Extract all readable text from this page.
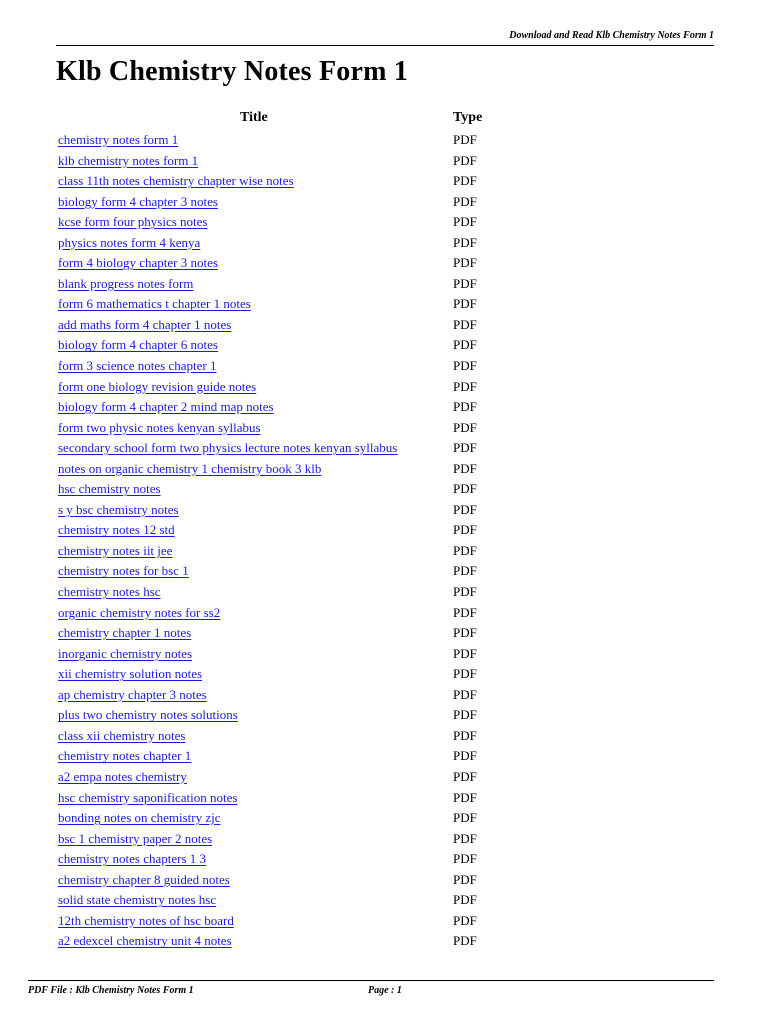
Download and Read Klb Chemistry Notes Form 1
Klb Chemistry Notes Form 1
Title	Type
chemistry notes form 1	PDF
klb chemistry notes form 1	PDF
class 11th notes chemistry chapter wise notes	PDF
biology form 4 chapter 3 notes	PDF
kcse form four physics notes	PDF
physics notes form 4 kenya	PDF
form 4 biology chapter 3 notes	PDF
blank progress notes form	PDF
form 6 mathematics t chapter 1 notes	PDF
add maths form 4 chapter 1 notes	PDF
biology form 4 chapter 6 notes	PDF
form 3 science notes chapter 1	PDF
form one biology revision guide notes	PDF
biology form 4 chapter 2 mind map notes	PDF
form two physic notes kenyan syllabus	PDF
secondary school form two physics lecture notes kenyan syllabus	PDF
notes on organic chemistry 1 chemistry book 3 klb	PDF
hsc chemistry notes	PDF
s y bsc chemistry notes	PDF
chemistry notes 12 std	PDF
chemistry notes iit jee	PDF
chemistry notes for bsc 1	PDF
chemistry notes hsc	PDF
organic chemistry notes for ss2	PDF
chemistry chapter 1 notes	PDF
inorganic chemistry notes	PDF
xii chemistry solution notes	PDF
ap chemistry chapter 3 notes	PDF
plus two chemistry notes solutions	PDF
class xii chemistry notes	PDF
chemistry notes chapter 1	PDF
a2 empa notes chemistry	PDF
hsc chemistry saponification notes	PDF
bonding notes on chemistry zjc	PDF
bsc 1 chemistry paper 2 notes	PDF
chemistry notes chapters 1 3	PDF
chemistry chapter 8 guided notes	PDF
solid state chemistry notes hsc	PDF
12th chemistry notes of hsc board	PDF
a2 edexcel chemistry unit 4 notes	PDF
PDF File : Klb Chemistry Notes Form 1	Page : 1
